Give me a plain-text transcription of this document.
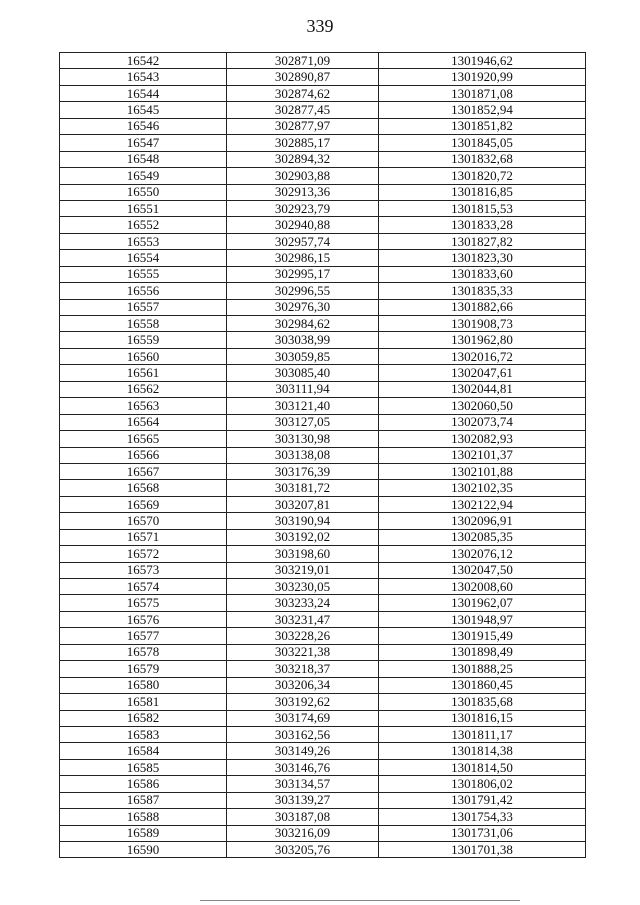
339
16542	302871,09	1301946,62
16543	302890,87	1301920,99
16544	302874,62	1301871,08
16545	302877,45	1301852,94
16546	302877,97	1301851,82
16547	302885,17	1301845,05
16548	302894,32	1301832,68
16549	302903,88	1301820,72
16550	302913,36	1301816,85
16551	302923,79	1301815,53
16552	302940,88	1301833,28
16553	302957,74	1301827,82
16554	302986,15	1301823,30
16555	302995,17	1301833,60
16556	302996,55	1301835,33
16557	302976,30	1301882,66
16558	302984,62	1301908,73
16559	303038,99	1301962,80
16560	303059,85	1302016,72
16561	303085,40	1302047,61
16562	303111,94	1302044,81
16563	303121,40	1302060,50
16564	303127,05	1302073,74
16565	303130,98	1302082,93
16566	303138,08	1302101,37
16567	303176,39	1302101,88
16568	303181,72	1302102,35
16569	303207,81	1302122,94
16570	303190,94	1302096,91
16571	303192,02	1302085,35
16572	303198,60	1302076,12
16573	303219,01	1302047,50
16574	303230,05	1302008,60
16575	303233,24	1301962,07
16576	303231,47	1301948,97
16577	303228,26	1301915,49
16578	303221,38	1301898,49
16579	303218,37	1301888,25
16580	303206,34	1301860,45
16581	303192,62	1301835,68
16582	303174,69	1301816,15
16583	303162,56	1301811,17
16584	303149,26	1301814,38
16585	303146,76	1301814,50
16586	303134,57	1301806,02
16587	303139,27	1301791,42
16588	303187,08	1301754,33
16589	303216,09	1301731,06
16590	303205,76	1301701,38
